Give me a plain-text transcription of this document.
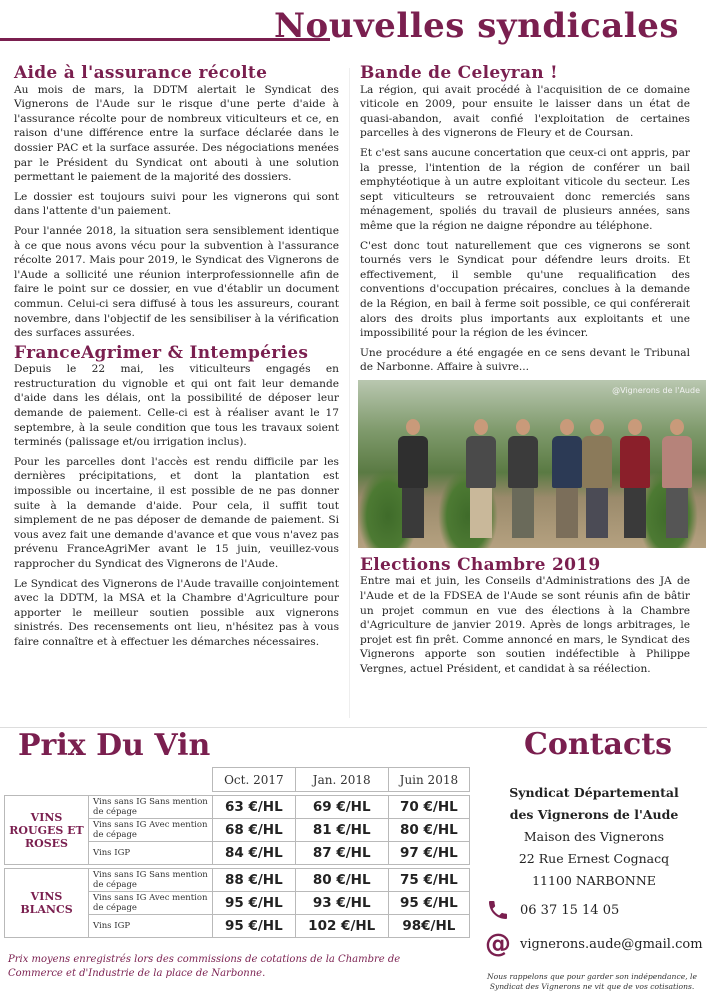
Nouvelles syndicales
Aide à l'assurance récolte

Au mois de mars, la DDTM alertait le Syndicat des Vignerons de l'Aude sur le risque d'une perte d'aide à l'assurance récolte pour de nombreux viticulteurs et ce, en raison d'une différence entre la surface déclarée dans le dossier PAC et la surface assurée. Des négociations menées par le Président du Syndicat ont abouti à une solution permettant le paiement de la majorité des dossiers.

Le dossier est toujours suivi pour les vignerons qui sont dans l'attente d'un paiement.

Pour l'année 2018, la situation sera sensiblement identique à ce que nous avons vécu pour la subvention à l'assurance récolte 2017. Mais pour 2019, le Syndicat des Vignerons de l'Aude a sollicité une réunion interprofessionnelle afin de faire le point sur ce dossier, en vue d'établir un document commun. Celui-ci sera diffusé à tous les assureurs, courant novembre, dans l'objectif de les sensibiliser à la vérification des surfaces assurées.

FranceAgrimer & Intempéries

Depuis le 22 mai, les viticulteurs engagés en restructuration du vignoble et qui ont fait leur demande d'aide dans les délais, ont la possibilité de déposer leur demande de paiement. Celle-ci est à réaliser avant le 17 septembre, à la seule condition que tous les travaux soient terminés (palissage et/ou irrigation inclus).

Pour les parcelles dont l'accès est rendu difficile par les dernières précipitations, et dont la plantation est impossible ou incertaine, il est possible de ne pas donner suite à la demande d'aide. Pour cela, il suffit tout simplement de ne pas déposer de demande de paiement. Si vous avez fait une demande d'avance et que vous n'avez pas prévenu FranceAgriMer avant le 15 juin, veuillez-vous rapprocher du Syndicat des Vignerons de l'Aude.

Le Syndicat des Vignerons de l'Aude travaille conjointement avec la DDTM, la MSA et la Chambre d'Agriculture pour apporter le meilleur soutien possible aux vignerons sinistrés. Des recensements ont lieu, n'hésitez pas à vous faire connaître et à effectuer les démarches nécessaires.

Bande de Celeyran !

La région, qui avait procédé à l'acquisition de ce domaine viticole en 2009, pour ensuite le laisser dans un état de quasi-abandon, avait confié l'exploitation de certaines parcelles à des vignerons de Fleury et de Coursan.

Et c'est sans aucune concertation que ceux-ci ont appris, par la presse, l'intention de la région de conférer un bail emphytéotique à un autre exploitant viticole du secteur. Les sept viticulteurs se retrouvaient donc remerciés sans ménagement, spoliés du travail de plusieurs années, sans même que la région ne daigne répondre au téléphone.

C'est donc tout naturellement que ces vignerons se sont tournés vers le Syndicat pour défendre leurs droits. Et effectivement, il semble qu'une requalification des conventions d'occupation précaires, conclues à la demande de la Région, en bail à ferme soit possible, ce qui conférerait alors des droits plus importants aux exploitants et une impossibilité pour la région de les évincer.

Une procédure a été engagée en ce sens devant le Tribunal de Narbonne. Affaire à suivre...

@Vignerons de l'Aude
Elections Chambre 2019

Entre mai et juin, les Conseils d'Administrations des JA de l'Aude et de la FDSEA de l'Aude se sont réunis afin de bâtir un projet commun en vue des élections à la Chambre d'Agriculture de janvier 2019. Après de longs arbitrages, le projet est fin prêt. Comme annoncé en mars, le Syndicat des Vignerons apporte son soutien indéfectible à Philippe Vergnes, actuel Président, et candidat à sa réélection.

Prix Du Vin
		Oct. 2017	Jan. 2018	Juin 2018

VINS ROUGES ET ROSES	Vins sans IG Sans mention de cépage	63 €/HL	69 €/HL	70 €/HL
	Vins sans IG Avec mention de cépage	68 €/HL	81 €/HL	80 €/HL
	Vins IGP	84 €/HL	87 €/HL	97 €/HL

VINS BLANCS	Vins sans IG Sans mention de cépage	88 €/HL	80 €/HL	75 €/HL
	Vins sans IG Avec mention de cépage	95 €/HL	93 €/HL	95 €/HL
	Vins IGP	95 €/HL	102 €/HL	98€/HL
Prix moyens enregistrés lors des commissions de cotations de la Chambre de Commerce et d'Industrie de la place de Narbonne.
Contacts
Syndicat Départemental
des Vignerons de l'Aude
Maison des Vignerons
22 Rue Ernest Cognacq
11100 NARBONNE
06 37 15 14 05
@ vignerons.aude@gmail.com
Nous rappelons que pour garder son indépendance, le Syndicat des Vignerons ne vit que de vos cotisations.
